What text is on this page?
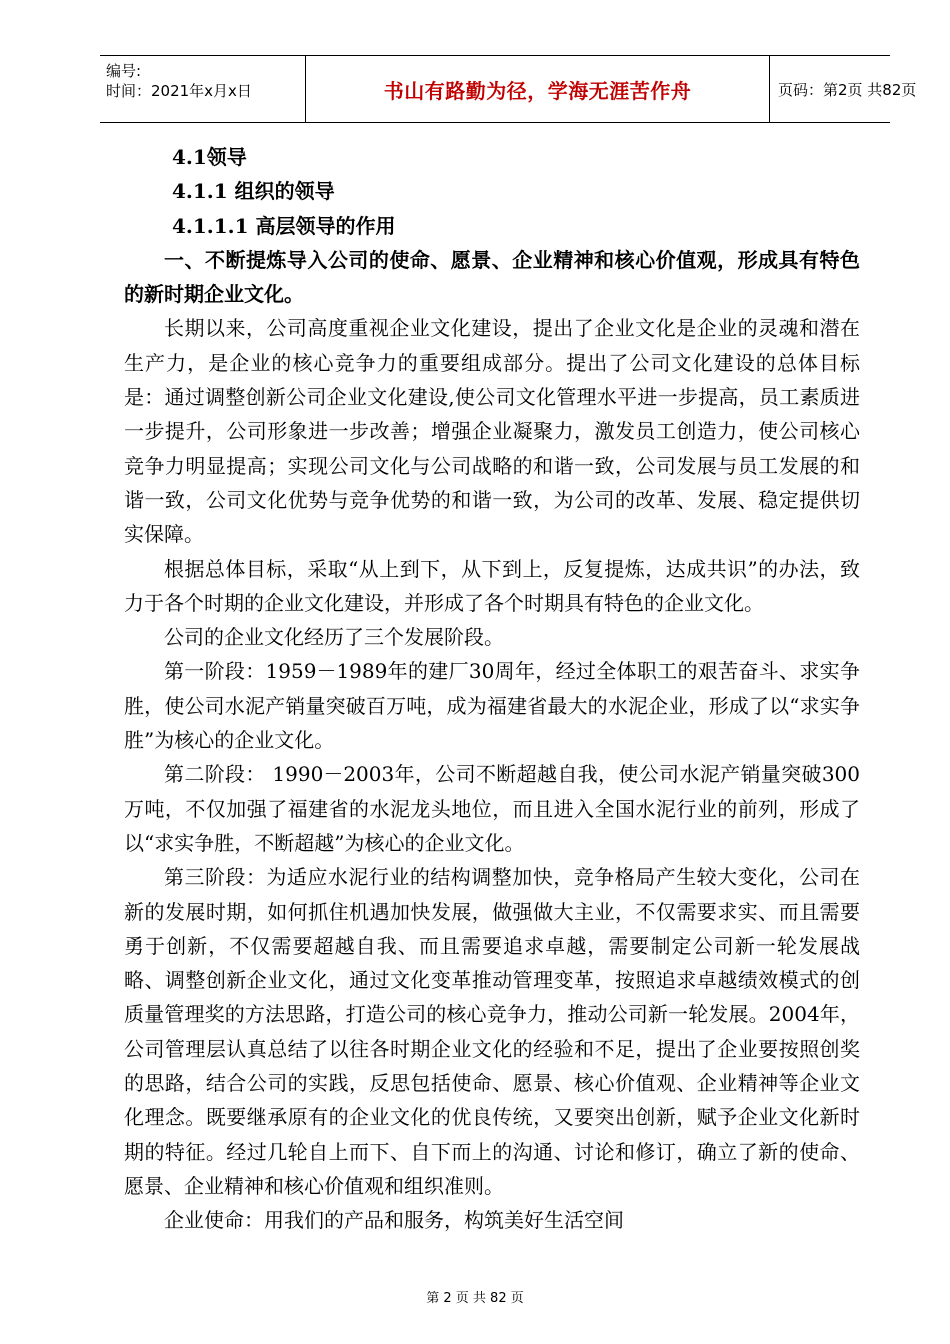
编号:
时间：2021年x月x日	书山有路勤为径，学海无涯苦作舟	页码：第2页 共82页

4.1领导

4.1.1 组织的领导

4.1.1.1 高层领导的作用

一、不断提炼导入公司的使命、愿景、企业精神和核心价值观，形成具有特色的新时期企业文化。

长期以来，公司高度重视企业文化建设，提出了企业文化是企业的灵魂和潜在生产力，是企业的核心竞争力的重要组成部分。提出了公司文化建设的总体目标是：通过调整创新公司企业文化建设,使公司文化管理水平进一步提高，员工素质进一步提升，公司形象进一步改善；增强企业凝聚力，激发员工创造力，使公司核心竞争力明显提高；实现公司文化与公司战略的和谐一致，公司发展与员工发展的和谐一致，公司文化优势与竞争优势的和谐一致，为公司的改革、发展、稳定提供切实保障。

根据总体目标，采取“从上到下，从下到上，反复提炼，达成共识”的办法，致力于各个时期的企业文化建设，并形成了各个时期具有特色的企业文化。

公司的企业文化经历了三个发展阶段。

第一阶段：1959－1989年的建厂30周年，经过全体职工的艰苦奋斗、求实争胜，使公司水泥产销量突破百万吨，成为福建省最大的水泥企业，形成了以“求实争胜”为核心的企业文化。

第二阶段： 1990－2003年，公司不断超越自我，使公司水泥产销量突破300万吨，不仅加强了福建省的水泥龙头地位，而且进入全国水泥行业的前列，形成了以“求实争胜，不断超越”为核心的企业文化。

第三阶段：为适应水泥行业的结构调整加快，竞争格局产生较大变化，公司在新的发展时期，如何抓住机遇加快发展，做强做大主业，不仅需要求实、而且需要勇于创新，不仅需要超越自我、而且需要追求卓越，需要制定公司新一轮发展战略、调整创新企业文化，通过文化变革推动管理变革，按照追求卓越绩效模式的创质量管理奖的方法思路，打造公司的核心竞争力，推动公司新一轮发展。2004年，公司管理层认真总结了以往各时期企业文化的经验和不足，提出了企业要按照创奖的思路，结合公司的实践，反思包括使命、愿景、核心价值观、企业精神等企业文化理念。既要继承原有的企业文化的优良传统，又要突出创新，赋予企业文化新时期的特征。经过几轮自上而下、自下而上的沟通、讨论和修订，确立了新的使命、愿景、企业精神和核心价值观和组织准则。

企业使命：用我们的产品和服务，构筑美好生活空间

第 2 页 共 82 页
